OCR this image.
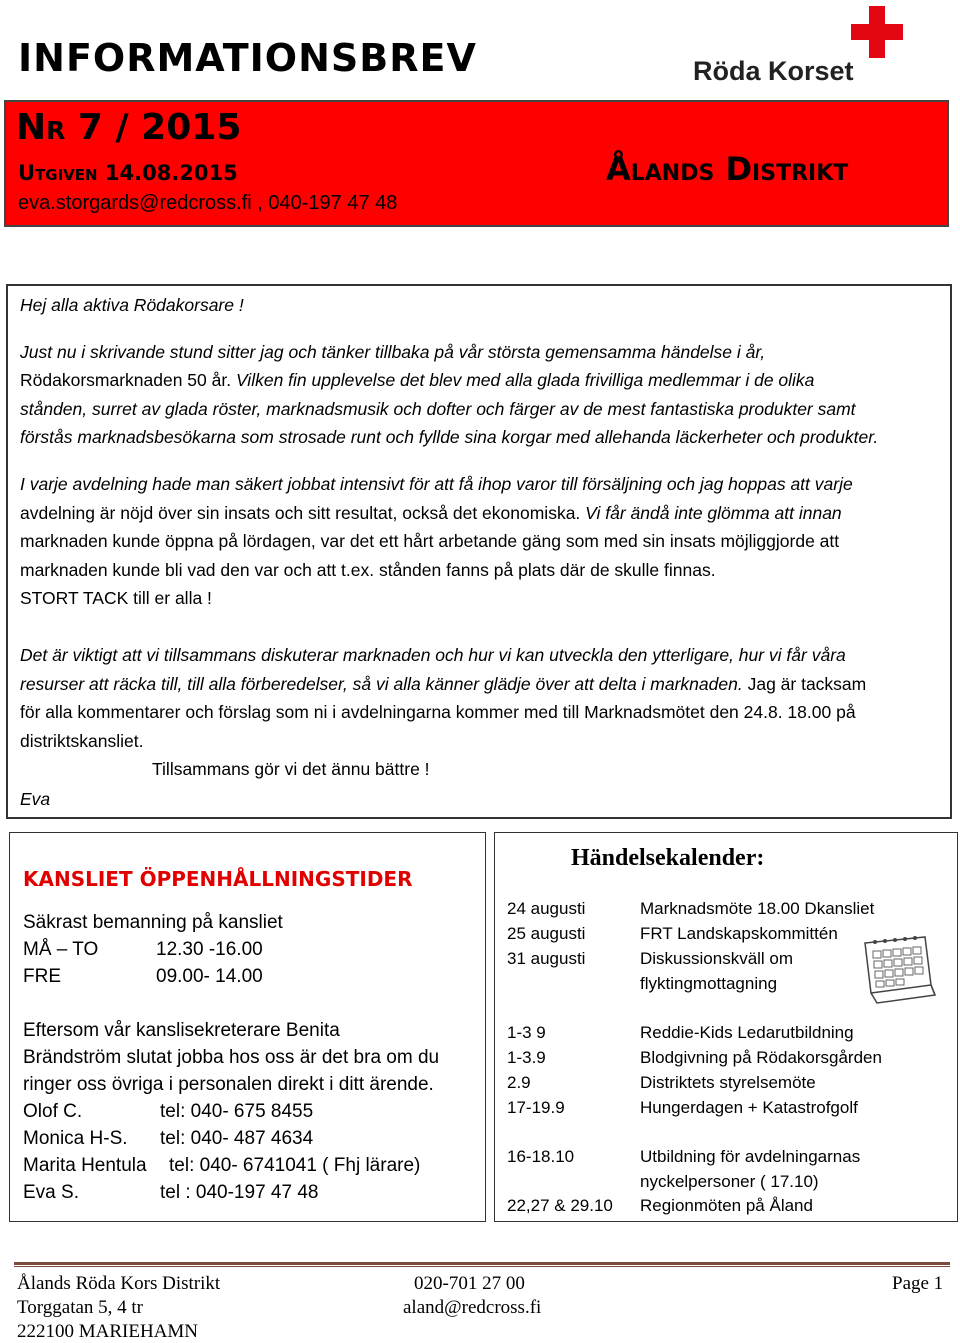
INFORMATIONSBREV	Röda Korset
Nr 7 / 2015
Utgiven 14.08.2015
eva.storgards@redcross.fi , 040-197 47 48
Ålands Distrikt
Hej alla aktiva Rödakorsare !
Just nu i skrivande stund sitter jag och tänker tillbaka på vår största gemensamma händelse i år,
Rödakorsmarknaden 50 år. Vilken fin upplevelse det blev med alla glada frivilliga medlemmar i de olika
stånden, surret av glada röster, marknadsmusik och dofter och färger av de mest fantastiska produkter samt
förstås marknadsbesökarna som strosade runt och fyllde sina korgar med allehanda läckerheter och produkter.
I varje avdelning hade man säkert jobbat intensivt för att få ihop varor till försäljning och jag hoppas att varje
avdelning är nöjd över sin insats och sitt resultat, också det ekonomiska. Vi får ändå inte glömma att innan
marknaden kunde öppna på lördagen, var det ett hårt arbetande gäng som med sin insats möjliggjorde att
marknaden kunde bli vad den var och att t.ex. stånden fanns på plats där de skulle finnas.
STORT TACK till er alla !
Det är viktigt att vi tillsammans diskuterar marknaden och hur vi kan utveckla den ytterligare, hur vi får våra
resurser att räcka till, till alla förberedelser, så vi alla känner glädje över att delta i marknaden. Jag är tacksam
för alla kommentarer och förslag som ni i avdelningarna kommer med till Marknadsmötet den 24.8. 18.00 på
distriktskansliet.
Tillsammans gör vi det ännu bättre !
Eva
KANSLIET ÖPPENHÅLLNINGSTIDER
Säkrast bemanning på kansliet
MÅ – TO	12.30 -16.00
FRE	09.00- 14.00
Eftersom vår kanslisekreterare Benita
Brändström slutat jobba hos oss är det bra om du
ringer oss övriga i personalen direkt i ditt ärende.
Olof C.	tel: 040- 675 8455
Monica H-S. tel: 040- 487 4634
Marita Hentula tel: 040- 6741041 ( Fhj lärare)
Eva S.	tel : 040-197 47 48
Händelsekalender:
24 augusti	Marknadsmöte 18.00 Dkansliet
25 augusti	FRT Landskapskommittén
31 augusti	Diskussionskväll om
flyktingmottagning
1-3 9	Reddie-Kids Ledarutbildning
1-3.9	Blodgivning på Rödakorsgården
2.9	Distriktets styrelsemöte
17-19.9	Hungerdagen + Katastrofgolf
16-18.10	Utbildning för avdelningarnas
nyckelpersoner ( 17.10)
22,27 & 29.10 Regionmöten på Åland
Ålands Röda Kors Distrikt
Torggatan 5, 4 tr
222100 MARIEHAMN
020-701 27 00
aland@redcross.fi
Page 1
